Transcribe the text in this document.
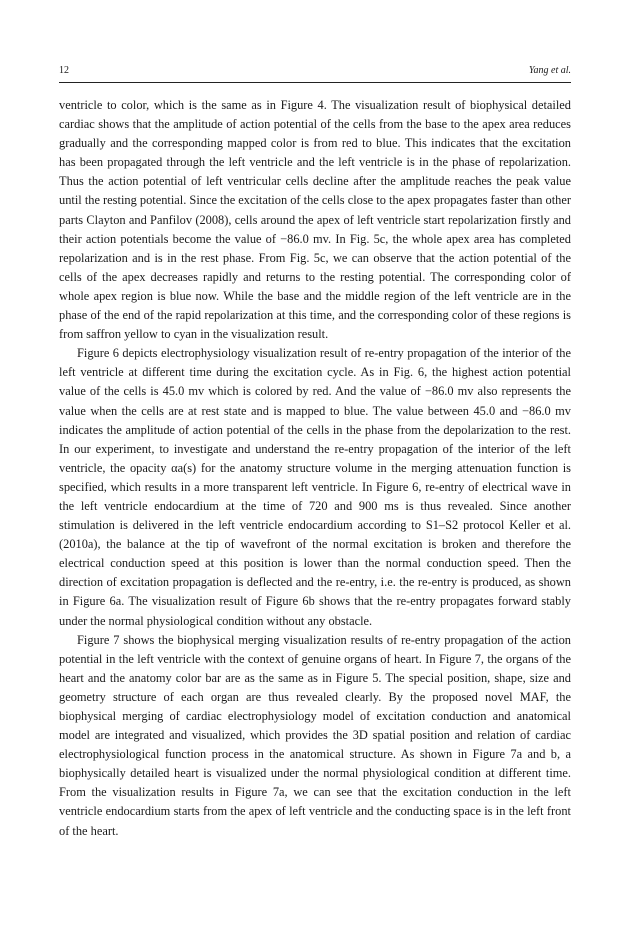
12	Yang et al.

ventricle to color, which is the same as in Figure 4. The visualization result of biophysical detailed cardiac shows that the amplitude of action potential of the cells from the base to the apex area reduces gradually and the corresponding mapped color is from red to blue. This indicates that the excitation has been propagated through the left ventricle and the left ventricle is in the phase of repolarization. Thus the action potential of left ventricular cells decline after the amplitude reaches the peak value until the resting potential. Since the excitation of the cells close to the apex propagates faster than other parts Clayton and Panfilov (2008), cells around the apex of left ventricle start repolarization firstly and their action potentials become the value of −86.0 mv. In Fig. 5c, the whole apex area has completed repolarization and is in the rest phase. From Fig. 5c, we can observe that the action potential of the cells of the apex decreases rapidly and returns to the resting potential. The corresponding color of whole apex region is blue now. While the base and the middle region of the left ventricle are in the phase of the end of the rapid repolarization at this time, and the corresponding color of these regions is from saffron yellow to cyan in the visualization result.

Figure 6 depicts electrophysiology visualization result of re-entry propagation of the interior of the left ventricle at different time during the excitation cycle. As in Fig. 6, the highest action potential value of the cells is 45.0 mv which is colored by red. And the value of −86.0 mv also represents the value when the cells are at rest state and is mapped to blue. The value between 45.0 and −86.0 mv indicates the amplitude of action potential of the cells in the phase from the depolarization to the rest. In our experiment, to investigate and understand the re-entry propagation of the interior of the left ventricle, the opacity αa(s) for the anatomy structure volume in the merging attenuation function is specified, which results in a more transparent left ventricle. In Figure 6, re-entry of electrical wave in the left ventricle endocardium at the time of 720 and 900 ms is thus revealed. Since another stimulation is delivered in the left ventricle endocardium according to S1–S2 protocol Keller et al. (2010a), the balance at the tip of wavefront of the normal excitation is broken and therefore the electrical conduction speed at this position is lower than the normal conduction speed. Then the direction of excitation propagation is deflected and the re-entry, i.e. the re-entry is produced, as shown in Figure 6a. The visualization result of Figure 6b shows that the re-entry propagates forward stably under the normal physiological condition without any obstacle.

Figure 7 shows the biophysical merging visualization results of re-entry propagation of the action potential in the left ventricle with the context of genuine organs of heart. In Figure 7, the organs of the heart and the anatomy color bar are as the same as in Figure 5. The special position, shape, size and geometry structure of each organ are thus revealed clearly. By the proposed novel MAF, the biophysical merging of cardiac electrophysiology model of excitation conduction and anatomical model are integrated and visualized, which provides the 3D spatial position and relation of cardiac electrophysiological function process in the anatomical structure. As shown in Figure 7a and b, a biophysically detailed heart is visualized under the normal physiological condition at different time. From the visualization results in Figure 7a, we can see that the excitation conduction in the left ventricle endocardium starts from the apex of left ventricle and the conducting space is in the left front of the heart.
